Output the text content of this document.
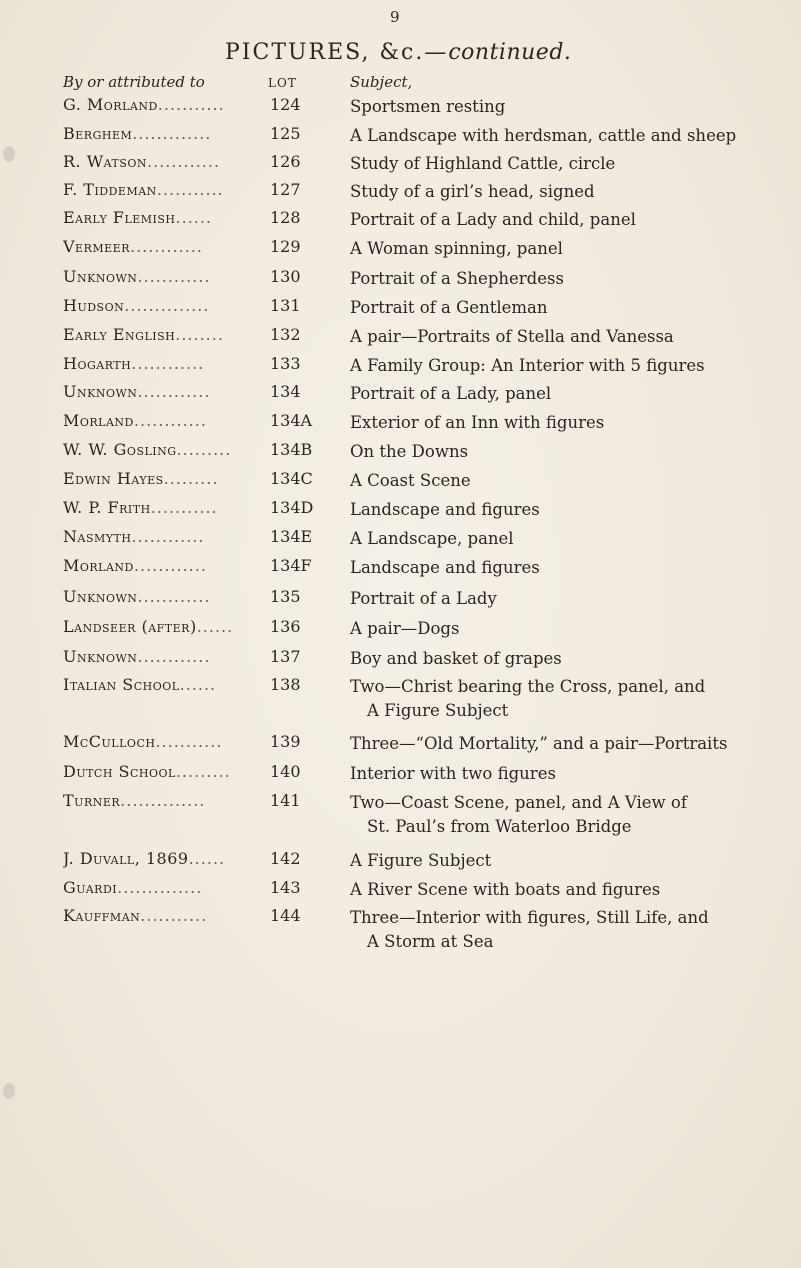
9
PICTURES, &c.—continued.
By or attributed to	LOT	Subject,
G. Morland...........	124	Sportsmen resting
Berghem.............	125	A Landscape with herdsman, cattle and sheep
R. Watson............	126	Study of Highland Cattle, circle
F. Tiddeman...........	127	Study of a girl’s head, signed
Early Flemish......	128	Portrait of a Lady and child, panel
Vermeer............	129	A Woman spinning, panel
Unknown............	130	Portrait of a Shepherdess
Hudson..............	131	Portrait of a Gentleman
Early English........	132	A pair—Portraits of Stella and Vanessa
Hogarth............	133	A Family Group: An Interior with 5 figures
Unknown............	134	Portrait of a Lady, panel
Morland............	134A	Exterior of an Inn with figures
W. W. Gosling.........	134B	On the Downs
Edwin Hayes.........	134C	A Coast Scene
W. P. Frith...........	134D	Landscape and figures
Nasmyth............	134E	A Landscape, panel
Morland............	134F	Landscape and figures
Unknown............	135	Portrait of a Lady
Landseer (after)......	136	A pair—Dogs
Unknown............	137	Boy and basket of grapes
Italian School......	138	Two—Christ bearing the Cross, panel, and
A Figure Subject
McCulloch...........	139	Three—“Old Mortality,” and a pair—Portraits
Dutch School.........	140	Interior with two figures
Turner..............	141	Two—Coast Scene, panel, and A View of
St. Paul’s from Waterloo Bridge
J. Duvall, 1869......	142	A Figure Subject
Guardi..............	143	A River Scene with boats and figures
Kauffman...........	144	Three—Interior with figures, Still Life, and
A Storm at Sea
